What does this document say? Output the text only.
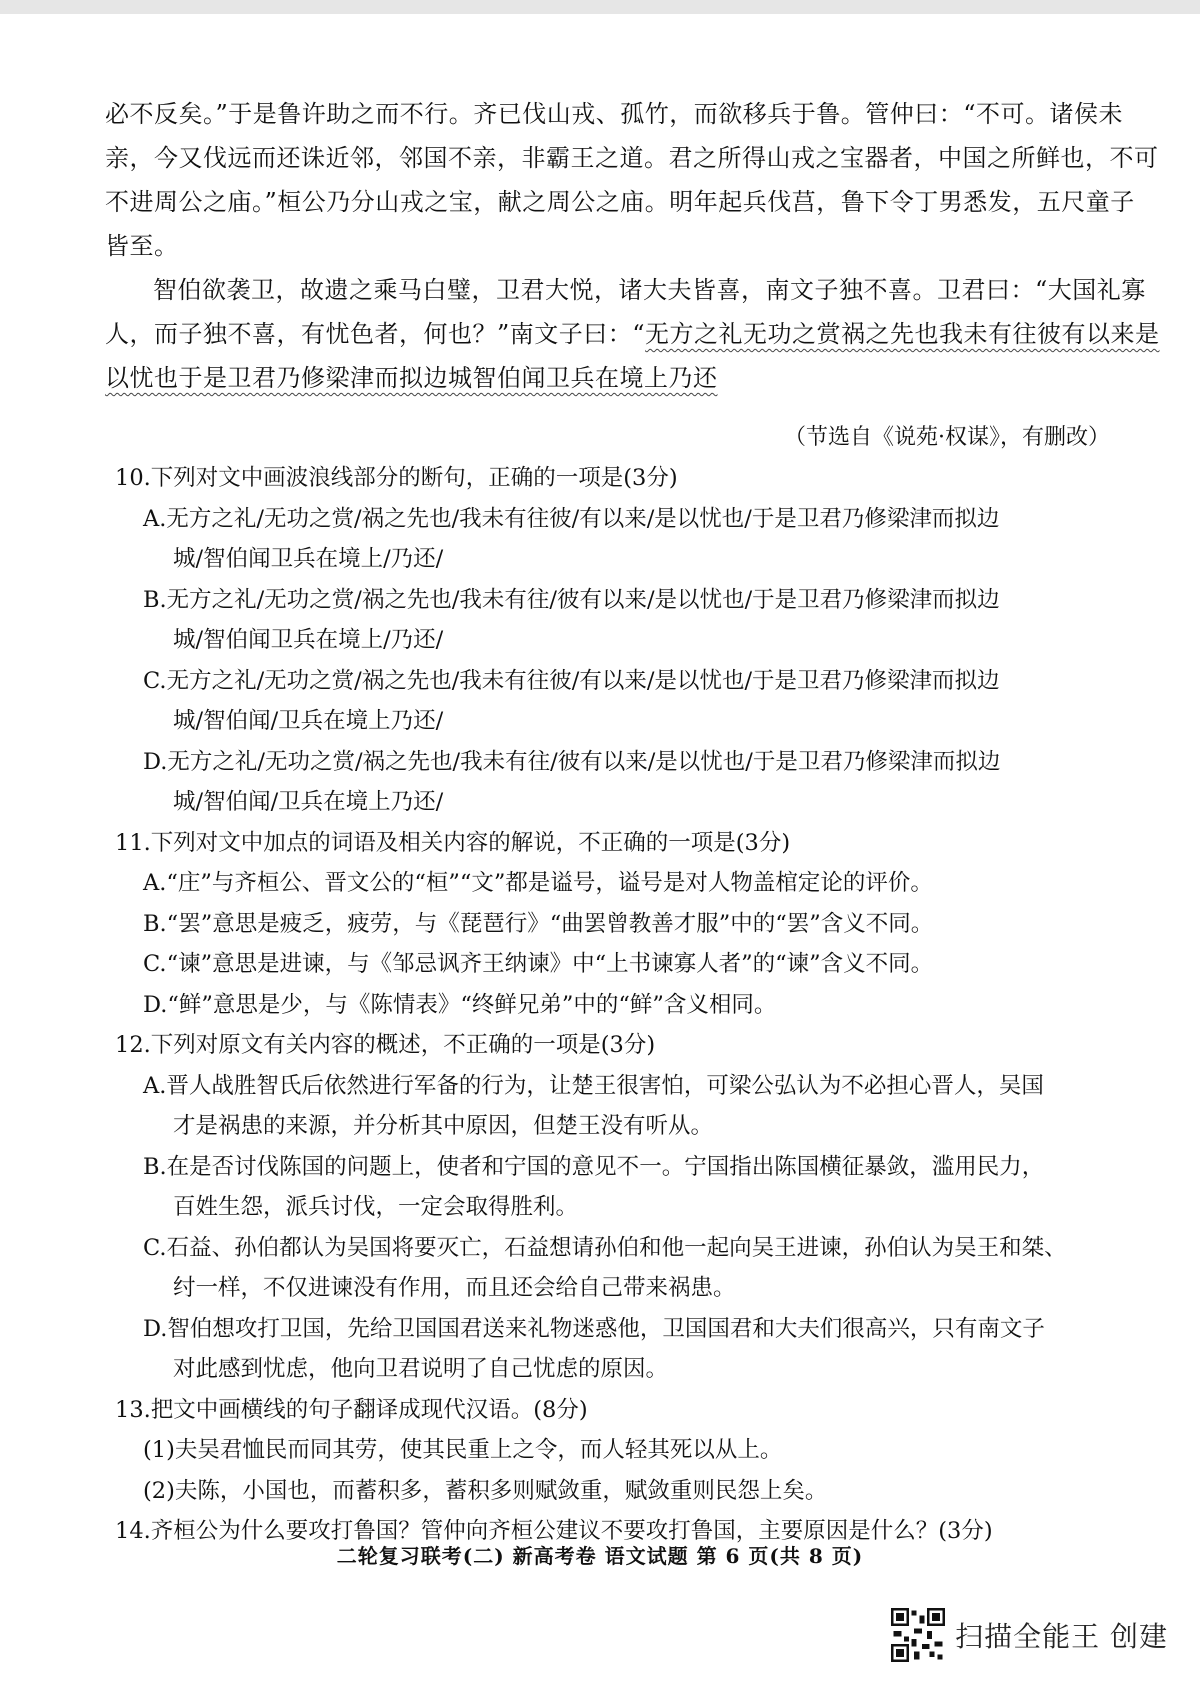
必不反矣。”于是鲁许助之而不行。齐已伐山戎、孤竹，而欲移兵于鲁。管仲曰：“不可。诸侯未
亲，今又伐远而还诛近邻，邻国不亲，非霸王之道。君之所得山戎之宝器者，中国之所鲜也，不可
不进周公之庙。”桓公乃分山戎之宝，献之周公之庙。明年起兵伐莒，鲁下令丁男悉发，五尺童子
皆至。
智伯欲袭卫，故遗之乘马白璧，卫君大悦，诸大夫皆喜，南文子独不喜。卫君曰：“大国礼寡
人，而子独不喜，有忧色者，何也？”南文子曰：“无方之礼无功之赏祸之先也我未有往彼有以来是
以忧也于是卫君乃修梁津而拟边城智伯闻卫兵在境上乃还
（节选自《说苑·权谋》，有删改）
10.下列对文中画波浪线部分的断句，正确的一项是(3分)
A.无方之礼/无功之赏/祸之先也/我未有往彼/有以来/是以忧也/于是卫君乃修梁津而拟边
城/智伯闻卫兵在境上/乃还/
B.无方之礼/无功之赏/祸之先也/我未有往/彼有以来/是以忧也/于是卫君乃修梁津而拟边
城/智伯闻卫兵在境上/乃还/
C.无方之礼/无功之赏/祸之先也/我未有往彼/有以来/是以忧也/于是卫君乃修梁津而拟边
城/智伯闻/卫兵在境上乃还/
D.无方之礼/无功之赏/祸之先也/我未有往/彼有以来/是以忧也/于是卫君乃修梁津而拟边
城/智伯闻/卫兵在境上乃还/
11.下列对文中加点的词语及相关内容的解说，不正确的一项是(3分)
A.“庄”与齐桓公、晋文公的“桓”“文”都是谥号，谥号是对人物盖棺定论的评价。
B.“罢”意思是疲乏，疲劳，与《琵琶行》“曲罢曾教善才服”中的“罢”含义不同。
C.“谏”意思是进谏，与《邹忌讽齐王纳谏》中“上书谏寡人者”的“谏”含义不同。
D.“鲜”意思是少，与《陈情表》“终鲜兄弟”中的“鲜”含义相同。
12.下列对原文有关内容的概述，不正确的一项是(3分)
A.晋人战胜智氏后依然进行军备的行为，让楚王很害怕，可梁公弘认为不必担心晋人，吴国
才是祸患的来源，并分析其中原因，但楚王没有听从。
B.在是否讨伐陈国的问题上，使者和宁国的意见不一。宁国指出陈国横征暴敛，滥用民力，
百姓生怨，派兵讨伐，一定会取得胜利。
C.石益、孙伯都认为吴国将要灭亡，石益想请孙伯和他一起向吴王进谏，孙伯认为吴王和桀、
纣一样，不仅进谏没有作用，而且还会给自己带来祸患。
D.智伯想攻打卫国，先给卫国国君送来礼物迷惑他，卫国国君和大夫们很高兴，只有南文子
对此感到忧虑，他向卫君说明了自己忧虑的原因。
13.把文中画横线的句子翻译成现代汉语。(8分)
(1)夫吴君恤民而同其劳，使其民重上之令，而人轻其死以从上。
(2)夫陈，小国也，而蓄积多，蓄积多则赋敛重，赋敛重则民怨上矣。
14.齐桓公为什么要攻打鲁国？管仲向齐桓公建议不要攻打鲁国，主要原因是什么？(3分)
二轮复习联考(二) 新高考卷 语文试题 第 6 页(共 8 页)
扫描全能王 创建
